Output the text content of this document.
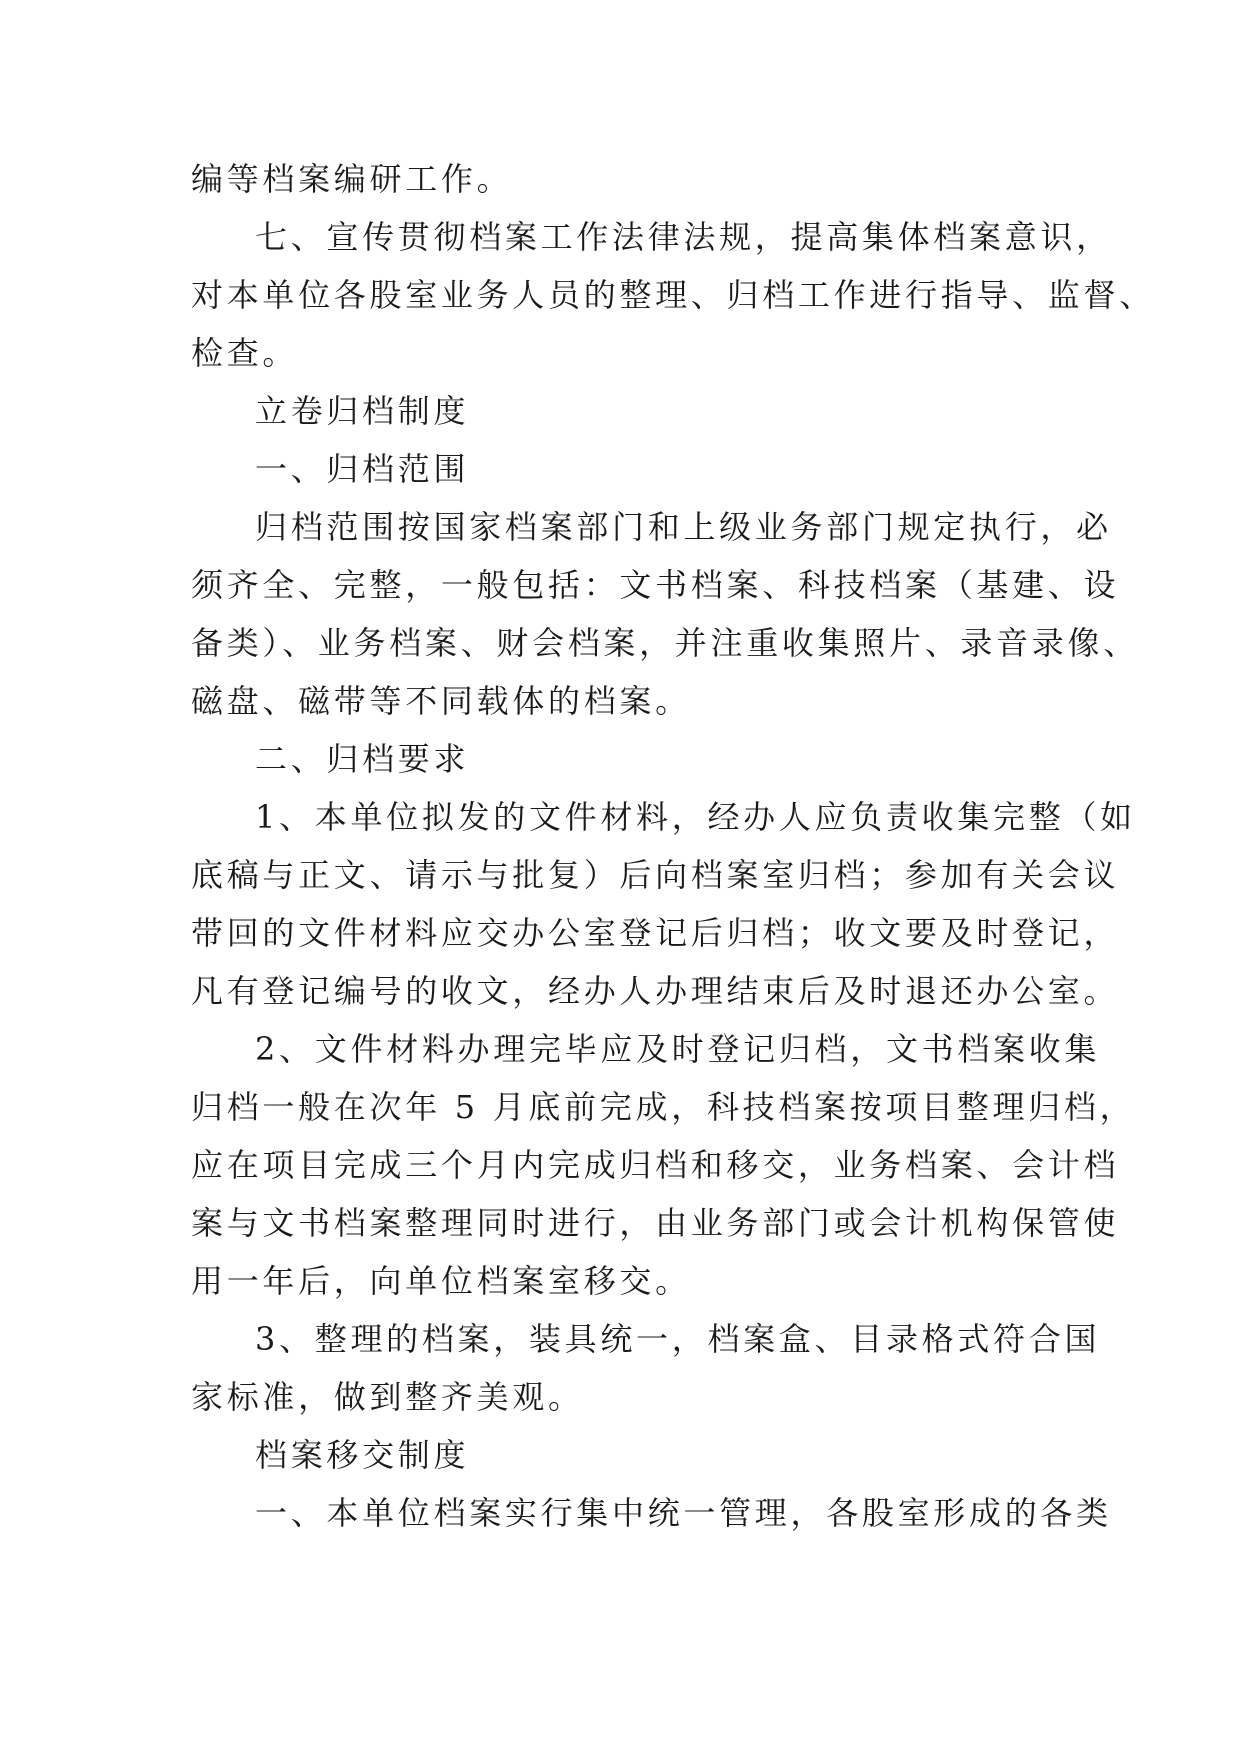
编等档案编研工作。
七、宣传贯彻档案工作法律法规，提高集体档案意识，
对本单位各股室业务人员的整理、归档工作进行指导、监督、
检查。
立卷归档制度
一、归档范围
归档范围按国家档案部门和上级业务部门规定执行，必
须齐全、完整，一般包括：文书档案、科技档案（基建、设
备类）、业务档案、财会档案，并注重收集照片、录音录像、
磁盘、磁带等不同载体的档案。
二、归档要求
1、本单位拟发的文件材料，经办人应负责收集完整（如
底稿与正文、请示与批复）后向档案室归档；参加有关会议
带回的文件材料应交办公室登记后归档；收文要及时登记，
凡有登记编号的收文，经办人办理结束后及时退还办公室。
2、文件材料办理完毕应及时登记归档，文书档案收集
归档一般在次年 5 月底前完成，科技档案按项目整理归档，
应在项目完成三个月内完成归档和移交，业务档案、会计档
案与文书档案整理同时进行，由业务部门或会计机构保管使
用一年后，向单位档案室移交。
3、整理的档案，装具统一，档案盒、目录格式符合国
家标准，做到整齐美观。
档案移交制度
一、本单位档案实行集中统一管理，各股室形成的各类
